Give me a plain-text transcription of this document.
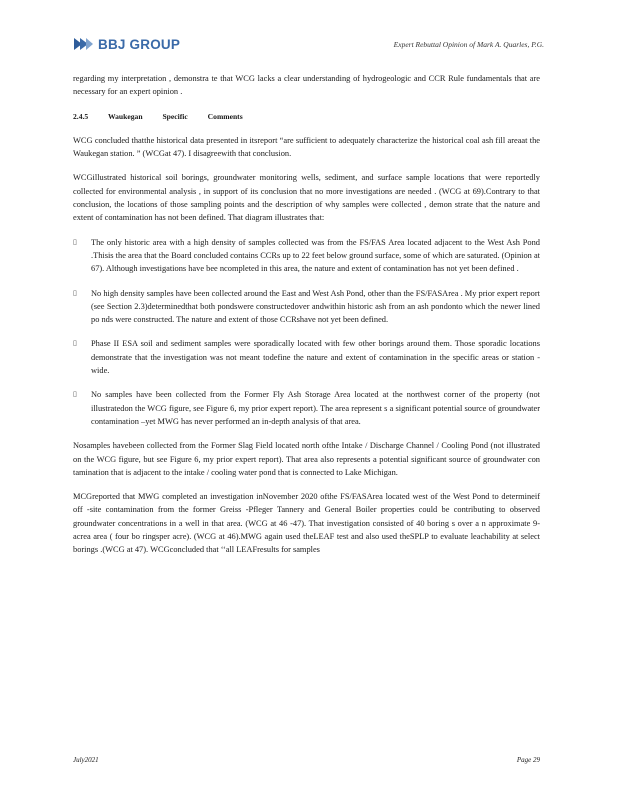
BBJ GROUP	Expert Rebuttal Opinion of Mark A. Quarles, P.G.

regarding my interpretation , demonstra te that WCG lacks a clear understanding of hydrogeologic and CCR Rule fundamentals that are necessary for an expert opinion .

2.4.5 Waukegan Specific Comments

WCG concluded thatthe historical data presented in itsreport “are sufficient to adequately characterize the historical coal ash fill areaat the Waukegan station. ” (WCGat 47). I disagreewith that conclusion.

WCGillustrated historical soil borings, groundwater monitoring wells, sediment, and surface sample locations that were reportedly collected for environmental analysis , in support of its conclusion that no more investigations are needed . (WCG at 69).Contrary to that conclusion, the locations of those sampling points and the description of why samples were collected , demon strate that the nature and extent of contamination has not been defined. That diagram illustrates that:

▯ The only historic area with a high density of samples collected was from the FS/FAS Area located adjacent to the West Ash Pond .Thisis the area that the Board concluded contains CCRs up to 22 feet below ground surface, some of which are saturated. (Opinion at 67). Although investigations have bee ncompleted in this area, the nature and extent of contamination has not yet been defined .
▯ No high density samples have been collected around the East and West Ash Pond, other than the FS/FASArea . My prior expert report (see Section 2.3)determinedthat both pondswere constructedover andwithin historic ash from an ash pondonto which the newer lined po nds were constructed. The nature and extent of those CCRshave not yet been defined.
▯ Phase II ESA soil and sediment samples were sporadically located with few other borings around them. Those sporadic locations demonstrate that the investigation was not meant todefine the nature and extent of contamination in the specific areas or station -wide.
▯ No samples have been collected from the Former Fly Ash Storage Area located at the northwest corner of the property (not illustratedon the WCG figure, see Figure 6, my prior expert report). The area represent s a significant potential source of groundwater contamination –yet MWG has never performed an in-depth analysis of that area.

Nosamples havebeen collected from the Former Slag Field located north ofthe Intake / Discharge Channel / Cooling Pond (not illustrated on the WCG figure, but see Figure 6, my prior expert report). That area also represents a potential significant source of groundwater con tamination that is adjacent to the intake / cooling water pond that is connected to Lake Michigan.

MCGreported that MWG completed an investigation inNovember 2020 ofthe FS/FASArea located west of the West Pond to determineif off -site contamination from the former Greiss -Pfleger Tannery and General Boiler properties could be contributing to observed groundwater concentrations in a well in that area. (WCG at 46 -47). That investigation consisted of 40 boring s over a n approximate 9-acrea area ( four bo ringsper acre). (WCG at 46).MWG again used theLEAF test and also used theSPLP to evaluate leachability at select borings .(WCG at 47). WCGconcluded that ‘‘all LEAFresults for samples

July2021	Page 29
